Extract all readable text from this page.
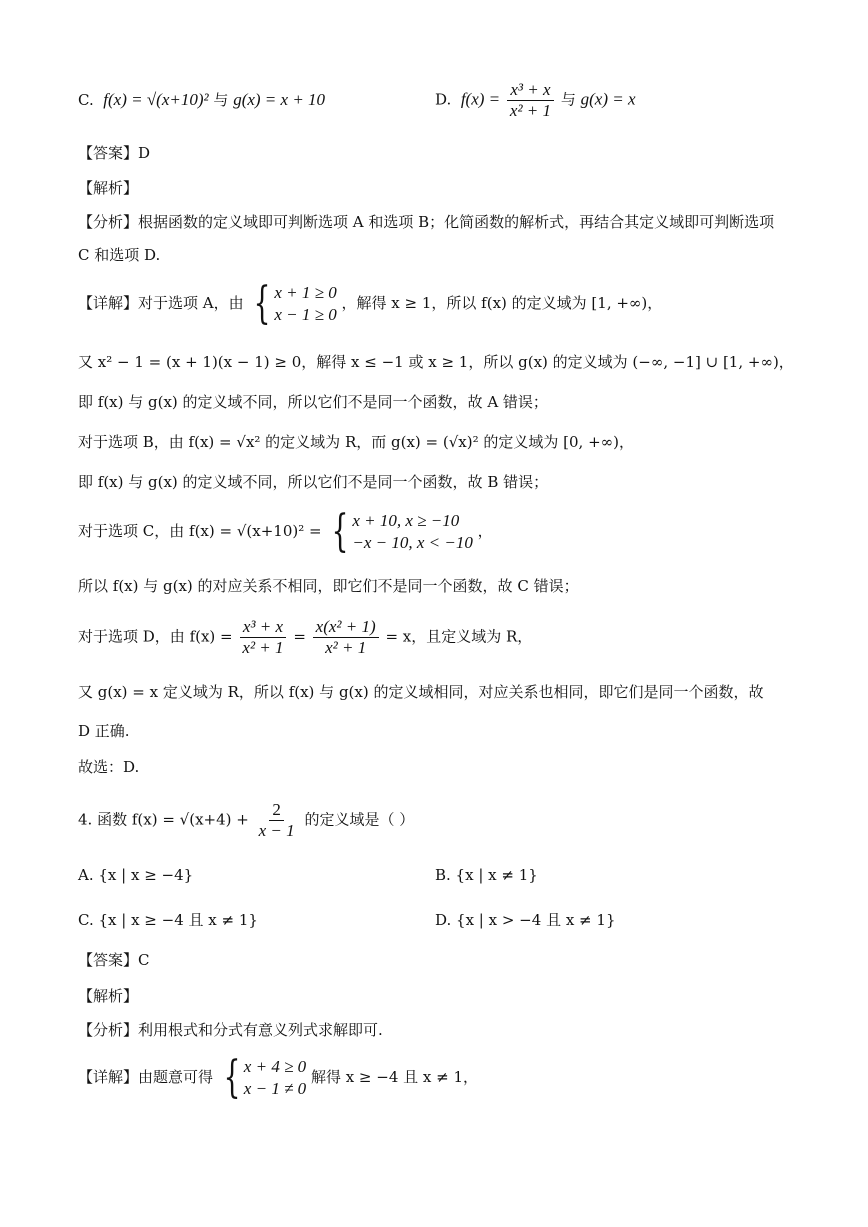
C. f(x) = √(x+10)² 与 g(x) = x + 10	D. $f(x) = \frac{\text{x³ + x}}{\text{x² + 1}}$ 与 g(x) = x
【答案】D
【解析】
【分析】根据函数的定义域即可判断选项 A 和选项 B；化简函数的解析式，再结合其定义域即可判断选项
C 和选项 D.
【详解】对于选项 A，由 { x + 1 ≥ 0
x − 1 ≥ 0
，解得 x ≥ 1，所以 f(x) 的定义域为 [1, +∞)，
又 x² − 1 = (x + 1)(x − 1) ≥ 0，解得 x ≤ −1 或 x ≥ 1，所以 g(x) 的定义域为 (−∞, −1] ∪ [1, +∞)，
即 f(x) 与 g(x) 的定义域不同，所以它们不是同一个函数，故 A 错误；
对于选项 B，由 f(x) = √x² 的定义域为 R，而 g(x) = (√x)² 的定义域为 [0, +∞)，
即 f(x) 与 g(x) 的定义域不同，所以它们不是同一个函数，故 B 错误；
对于选项 C，由 f(x) = √(x+10)² = { x + 10, x ≥ −10
−x − 10, x < −10
，
所以 f(x) 与 g(x) 的对应关系不相同，即它们不是同一个函数，故 C 错误；
对于选项 D，由 $f(x) = \frac{\text{x³ + x}}{\text{x² + 1}} = \frac{\text{x(x² + 1)}}{\text{x² + 1}} = x$，且定义域为 R，
又 g(x) = x 定义域为 R，所以 f(x) 与 g(x) 的定义域相同，对应关系也相同，即它们是同一个函数，故
D 正确.
故选：D.
4. 函数 $f(x) = √(x+4) + \frac{2}{x - 1}$ 的定义域是（ ）
A. {x | x ≥ −4}	B. {x | x ≠ 1}
C. {x | x ≥ −4 且 x ≠ 1}	D. {x | x > −4 且 x ≠ 1}
【答案】C
【解析】
【分析】利用根式和分式有意义列式求解即可.
【详解】由题意可得 { x + 4 ≥ 0
x − 1 ≠ 0
解得 x ≥ −4 且 x ≠ 1，
